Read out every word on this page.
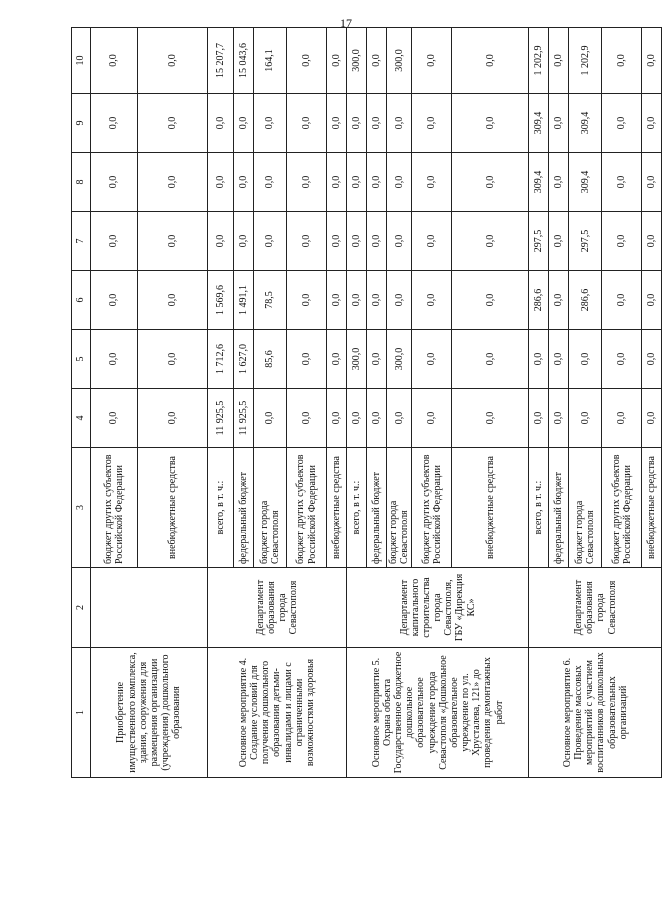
17
1	2	3	4	5	6	7	8	9	10
Приобретение имущественного комплекса, здания, сооружения для размещения организации (учреждения) дошкольного образования		бюджет других субъектов Российской Федерации	0,0	0,0	0,0	0,0	0,0	0,0	0,0
		внебюджетные средства	0,0	0,0	0,0	0,0	0,0	0,0	0,0
Основное мероприятие 4. Создание условий для получения дошкольного образования детьми-инвалидами и лицами с ограниченными возможностями здоровья	Департамент образования города Севастополя	всего, в т. ч.:	11 925,5	1 712,6	1 569,6	0,0	0,0	0,0	15 207,7
		федеральный бюджет	11 925,5	1 627,0	1 491,1	0,0	0,0	0,0	15 043,6
		бюджет города Севастополя	0,0	85,6	78,5	0,0	0,0	0,0	164,1
		бюджет других субъектов Российской Федерации	0,0	0,0	0,0	0,0	0,0	0,0	0,0
		внебюджетные средства	0,0	0,0	0,0	0,0	0,0	0,0	0,0
Основное мероприятие 5. Охрана объекта Государственное бюджетное дошкольное образовательное учреждение города Севастополя «Дошкольное образовательное учреждение по ул. Хрусталева, 121» до проведения демонтажных работ	Департамент капитального строительства города Севастополя, ГБУ «Дирекция КС»	всего, в т. ч.:	0,0	300,0	0,0	0,0	0,0	0,0	300,0
		федеральный бюджет	0,0	0,0	0,0	0,0	0,0	0,0	0,0
		бюджет города Севастополя	0,0	300,0	0,0	0,0	0,0	0,0	300,0
		бюджет других субъектов Российской Федерации	0,0	0,0	0,0	0,0	0,0	0,0	0,0
		внебюджетные средства	0,0	0,0	0,0	0,0	0,0	0,0	0,0
Основное мероприятие 6. Проведение массовых мероприятий с участием воспитанников дошкольных образовательных организаций	Департамент образования города Севастополя	всего, в т. ч.:	0,0	0,0	286,6	297,5	309,4	309,4	1 202,9
		федеральный бюджет	0,0	0,0	0,0	0,0	0,0	0,0	0,0
		бюджет города Севастополя	0,0	0,0	286,6	297,5	309,4	309,4	1 202,9
		бюджет других субъектов Российской Федерации	0,0	0,0	0,0	0,0	0,0	0,0	0,0
		внебюджетные средства	0,0	0,0	0,0	0,0	0,0	0,0	0,0
